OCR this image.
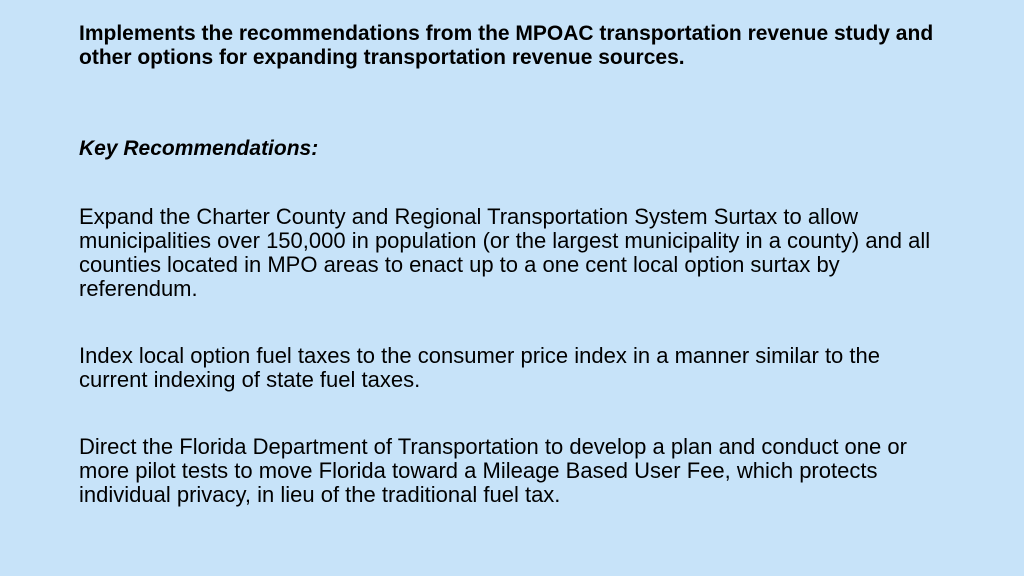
Implements the recommendations from the MPOAC transportation revenue study and other options for expanding transportation revenue sources.
Key Recommendations:
Expand the Charter County and Regional Transportation System Surtax to allow municipalities over 150,000 in population (or the largest municipality in a county) and all counties located in MPO areas to enact up to a one cent local option surtax by referendum.
Index local option fuel taxes to the consumer price index in a manner similar to the current indexing of state fuel taxes.
Direct the Florida Department of Transportation to develop a plan and conduct one or more pilot tests to move Florida toward a Mileage Based User Fee, which protects individual privacy, in lieu of the traditional fuel tax.
